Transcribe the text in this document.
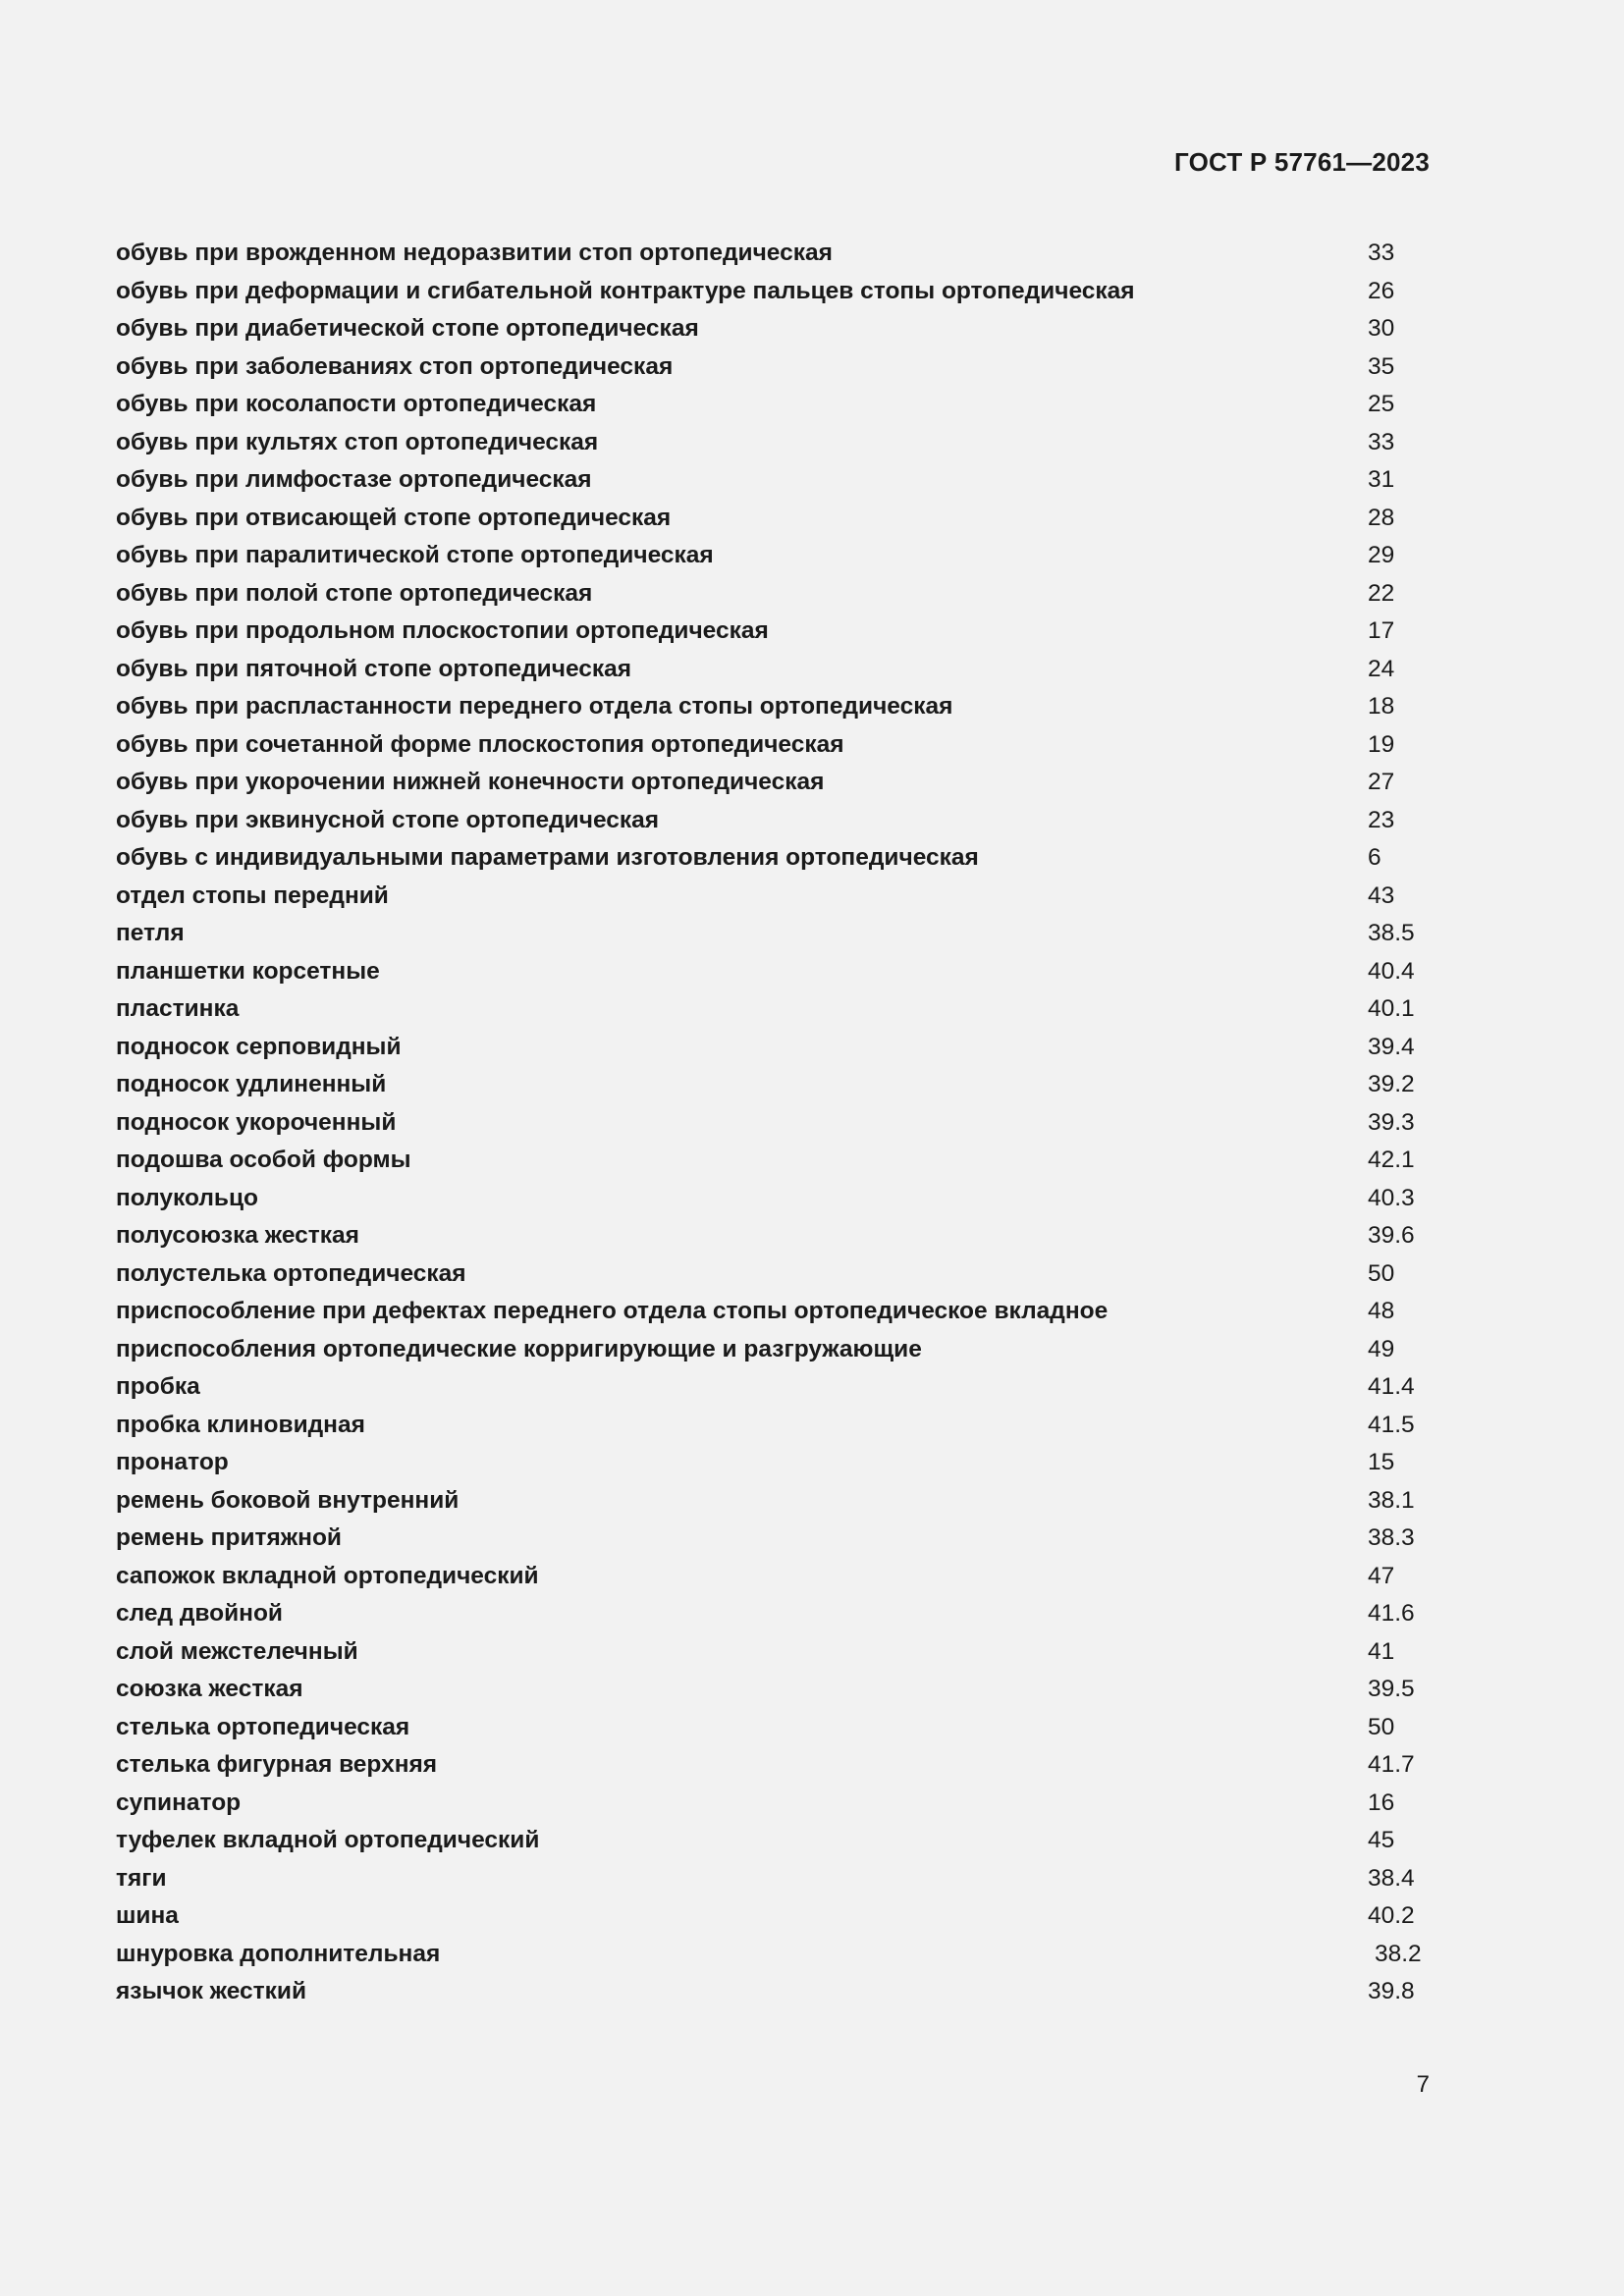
ГОСТ Р 57761—2023
обувь при врожденном недоразвитии стоп ортопедическая	33
обувь при деформации и сгибательной контрактуре пальцев стопы ортопедическая	26
обувь при диабетической стопе ортопедическая	30
обувь при заболеваниях стоп ортопедическая	35
обувь при косолапости ортопедическая	25
обувь при культях стоп ортопедическая	33
обувь при лимфостазе ортопедическая	31
обувь при отвисающей стопе ортопедическая	28
обувь при паралитической стопе ортопедическая	29
обувь при полой стопе ортопедическая	22
обувь при продольном плоскостопии ортопедическая	17
обувь при пяточной стопе ортопедическая	24
обувь при распластанности переднего отдела стопы ортопедическая	18
обувь при сочетанной форме плоскостопия ортопедическая	19
обувь при укорочении нижней конечности ортопедическая	27
обувь при эквинусной стопе ортопедическая	23
обувь с индивидуальными параметрами изготовления ортопедическая	6
отдел стопы передний	43
петля	38.5
планшетки корсетные	40.4
пластинка	40.1
подносок серповидный	39.4
подносок удлиненный	39.2
подносок укороченный	39.3
подошва особой формы	42.1
полукольцо	40.3
полусоюзка жесткая	39.6
полустелька ортопедическая	50
приспособление при дефектах переднего отдела стопы ортопедическое вкладное	48
приспособления ортопедические корригирующие и разгружающие	49
пробка	41.4
пробка клиновидная	41.5
пронатор	15
ремень боковой внутренний	38.1
ремень притяжной	38.3
сапожок вкладной ортопедический	47
след двойной	41.6
слой межстелечный	41
союзка жесткая	39.5
стелька ортопедическая	50
стелька фигурная верхняя	41.7
супинатор	16
туфелек вкладной ортопедический	45
тяги	38.4
шина	40.2
шнуровка дополнительная	38.2
язычок жесткий	39.8
7
